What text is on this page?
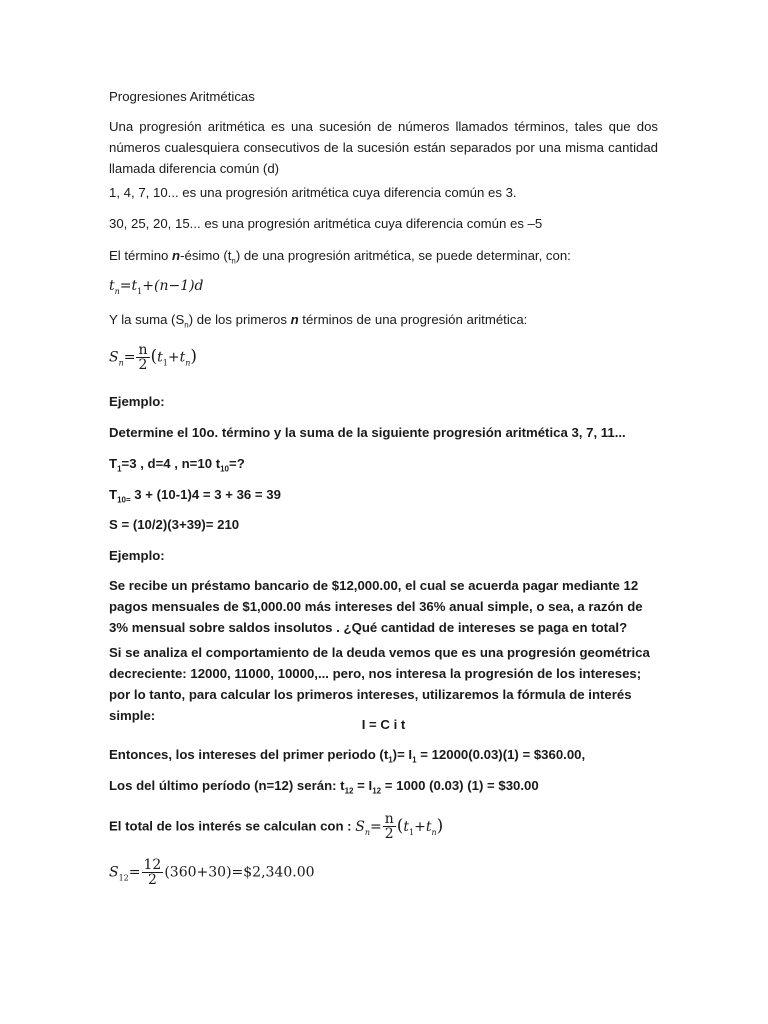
Progresiones Aritméticas
Una progresión aritmética es una sucesión de números llamados términos, tales que dos números cualesquiera consecutivos de la sucesión están separados por una misma cantidad llamada diferencia común (d)
1, 4, 7, 10... es una progresión aritmética cuya diferencia común es 3.
30, 25, 20, 15... es una progresión aritmética cuya diferencia común es –5
El término n-ésimo $(t_n)$ de una progresión aritmética, se puede determinar, con:
$t_n=t_1+(n-1)d$
Y la suma $(S_n)$ de los primeros n términos de una progresión aritmética:
$S_n= \frac{n}{2} (t_1+t_n)$
Ejemplo:
Determine el 10o. término y la suma de la siguiente progresión aritmética 3, 7, 11...
$T_1=3$ , d=4 , n=10 $t_{10}=$?
$T_{10=}$ 3 + (10-1)4 = 3 + 36 = 39
S = (10/2)(3+39)= 210
Ejemplo:
Se recibe un préstamo bancario de $12,000.00, el cual se acuerda pagar mediante 12 pagos mensuales de $1,000.00 más intereses del 36% anual simple, o sea, a razón de 3% mensual sobre saldos insolutos . ¿Qué cantidad de intereses se paga en total?
Si se analiza el comportamiento de la deuda vemos que es una progresión geométrica decreciente: 12000, 11000, 10000,... pero, nos interesa la progresión de los intereses; por lo tanto, para calcular los primeros intereses, utilizaremos la fórmula de interés simple:
I = C i t
Entonces, los intereses del primer periodo $(t_1)= I_1 = 12000(0.03)(1)$ = $360.00,
Los del último período (n=12) serán: $t_{12} = I_{12} = 1000$ (0.03) (1) = $30.00
El total de los interés se calculan con : $S_n= \frac{n}{2} (t_1+t_n)$
$S_{12}= \frac{12}{2}$ (360+30)=$2,340.00
